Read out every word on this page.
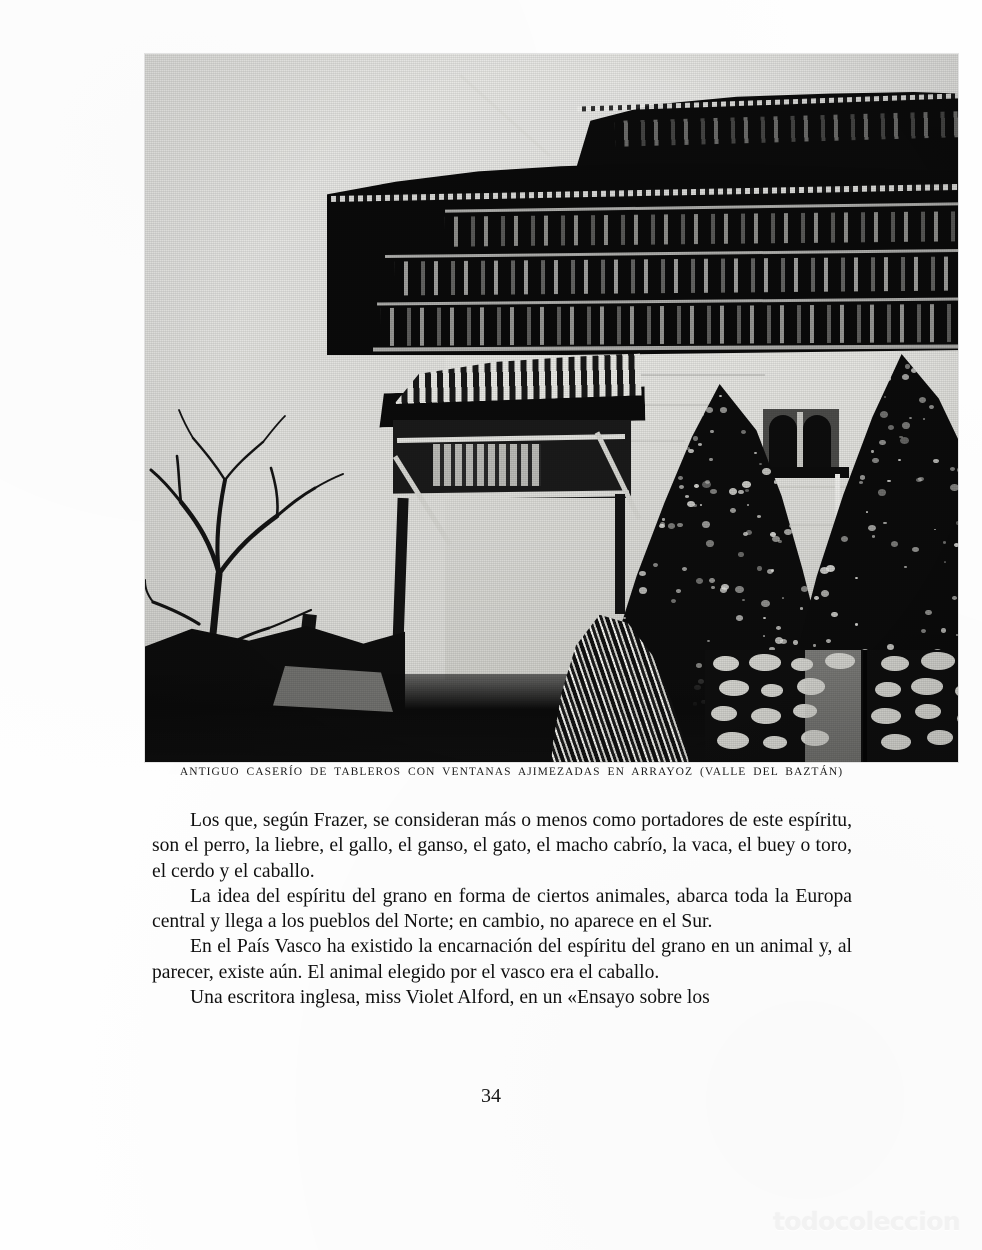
ANTIGUO CASERÍO DE TABLEROS CON VENTANAS AJIMEZADAS EN ARRAYOZ (VALLE DEL BAZTÁN)

Los que, según Frazer, se consideran más o menos como portadores de este espíritu, son el perro, la liebre, el gallo, el ganso, el gato, el macho cabrío, la vaca, el buey o toro, el cerdo y el caballo.

La idea del espíritu del grano en forma de ciertos animales, abarca toda la Europa central y llega a los pueblos del Norte; en cambio, no aparece en el Sur.

En el País Vasco ha existido la encarnación del espíritu del grano en un animal y, al parecer, existe aún. El animal elegido por el vasco era el caballo.

Una escritora inglesa, miss Violet Alford, en un «Ensayo sobre los

34
todocoleccion
